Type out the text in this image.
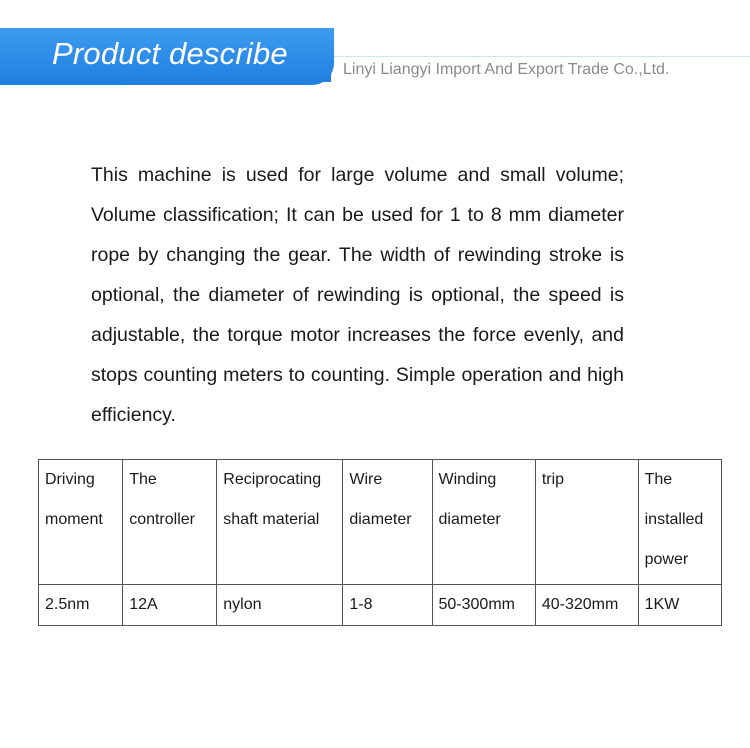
Product describe	Linyi Liangyi Import And Export Trade Co.,Ltd.
This machine is used for large volume and small volume; Volume classification; It can be used for 1 to 8 mm diameter rope by changing the gear. The width of rewinding stroke is optional, the diameter of rewinding is optional, the speed is adjustable, the torque motor increases the force evenly, and stops counting meters to counting. Simple operation and high efficiency.
Driving moment	The controller	Reciprocating shaft material	Wire diameter	Winding diameter	trip	The installed power
2.5nm	12A	nylon	1-8	50-300mm	40-320mm	1KW
